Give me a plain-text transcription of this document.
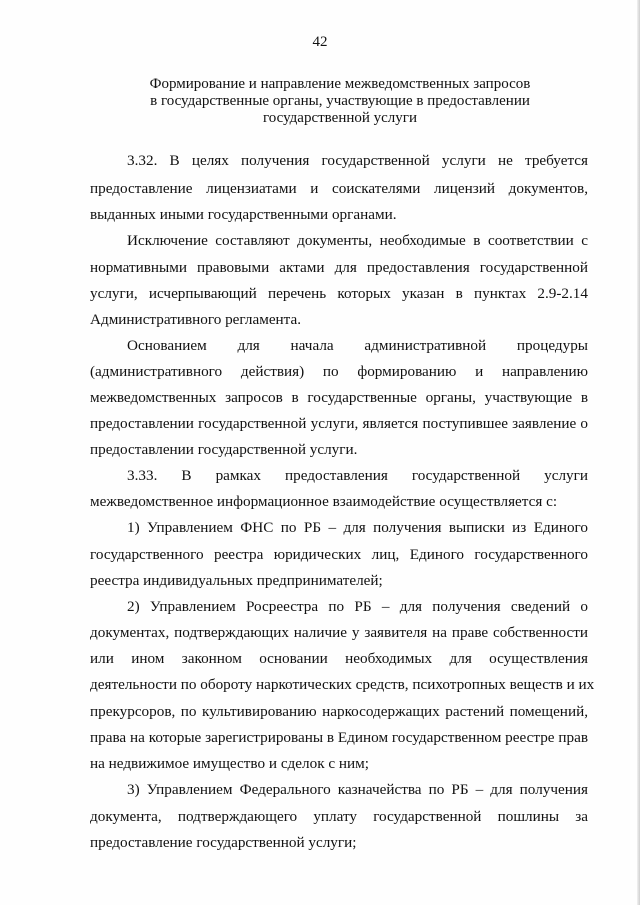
42
Формирование и направление межведомственных запросов
в государственные органы, участвующие в предоставлении
государственной услуги
3.32. В целях получения государственной услуги не требуется
предоставление лицензиатами и соискателями лицензий документов,
выданных иными государственными органами.
Исключение составляют документы, необходимые в соответствии с
нормативными правовыми актами для предоставления государственной
услуги, исчерпывающий перечень которых указан в пунктах 2.9-2.14
Административного регламента.
Основанием для начала административной процедуры
(административного действия) по формированию и направлению
межведомственных запросов в государственные органы, участвующие в
предоставлении государственной услуги, является поступившее заявление о
предоставлении государственной услуги.
3.33. В рамках предоставления государственной услуги
межведомственное информационное взаимодействие осуществляется с:
1) Управлением ФНС по РБ – для получения выписки из Единого
государственного реестра юридических лиц, Единого государственного
реестра индивидуальных предпринимателей;
2) Управлением Росреестра по РБ – для получения сведений о
документах, подтверждающих наличие у заявителя на праве собственности
или ином законном основании необходимых для осуществления
деятельности по обороту наркотических средств, психотропных веществ и их
прекурсоров, по культивированию наркосодержащих растений помещений,
права на которые зарегистрированы в Едином государственном реестре прав
на недвижимое имущество и сделок с ним;
3) Управлением Федерального казначейства по РБ – для получения
документа, подтверждающего уплату государственной пошлины за
предоставление государственной услуги;
